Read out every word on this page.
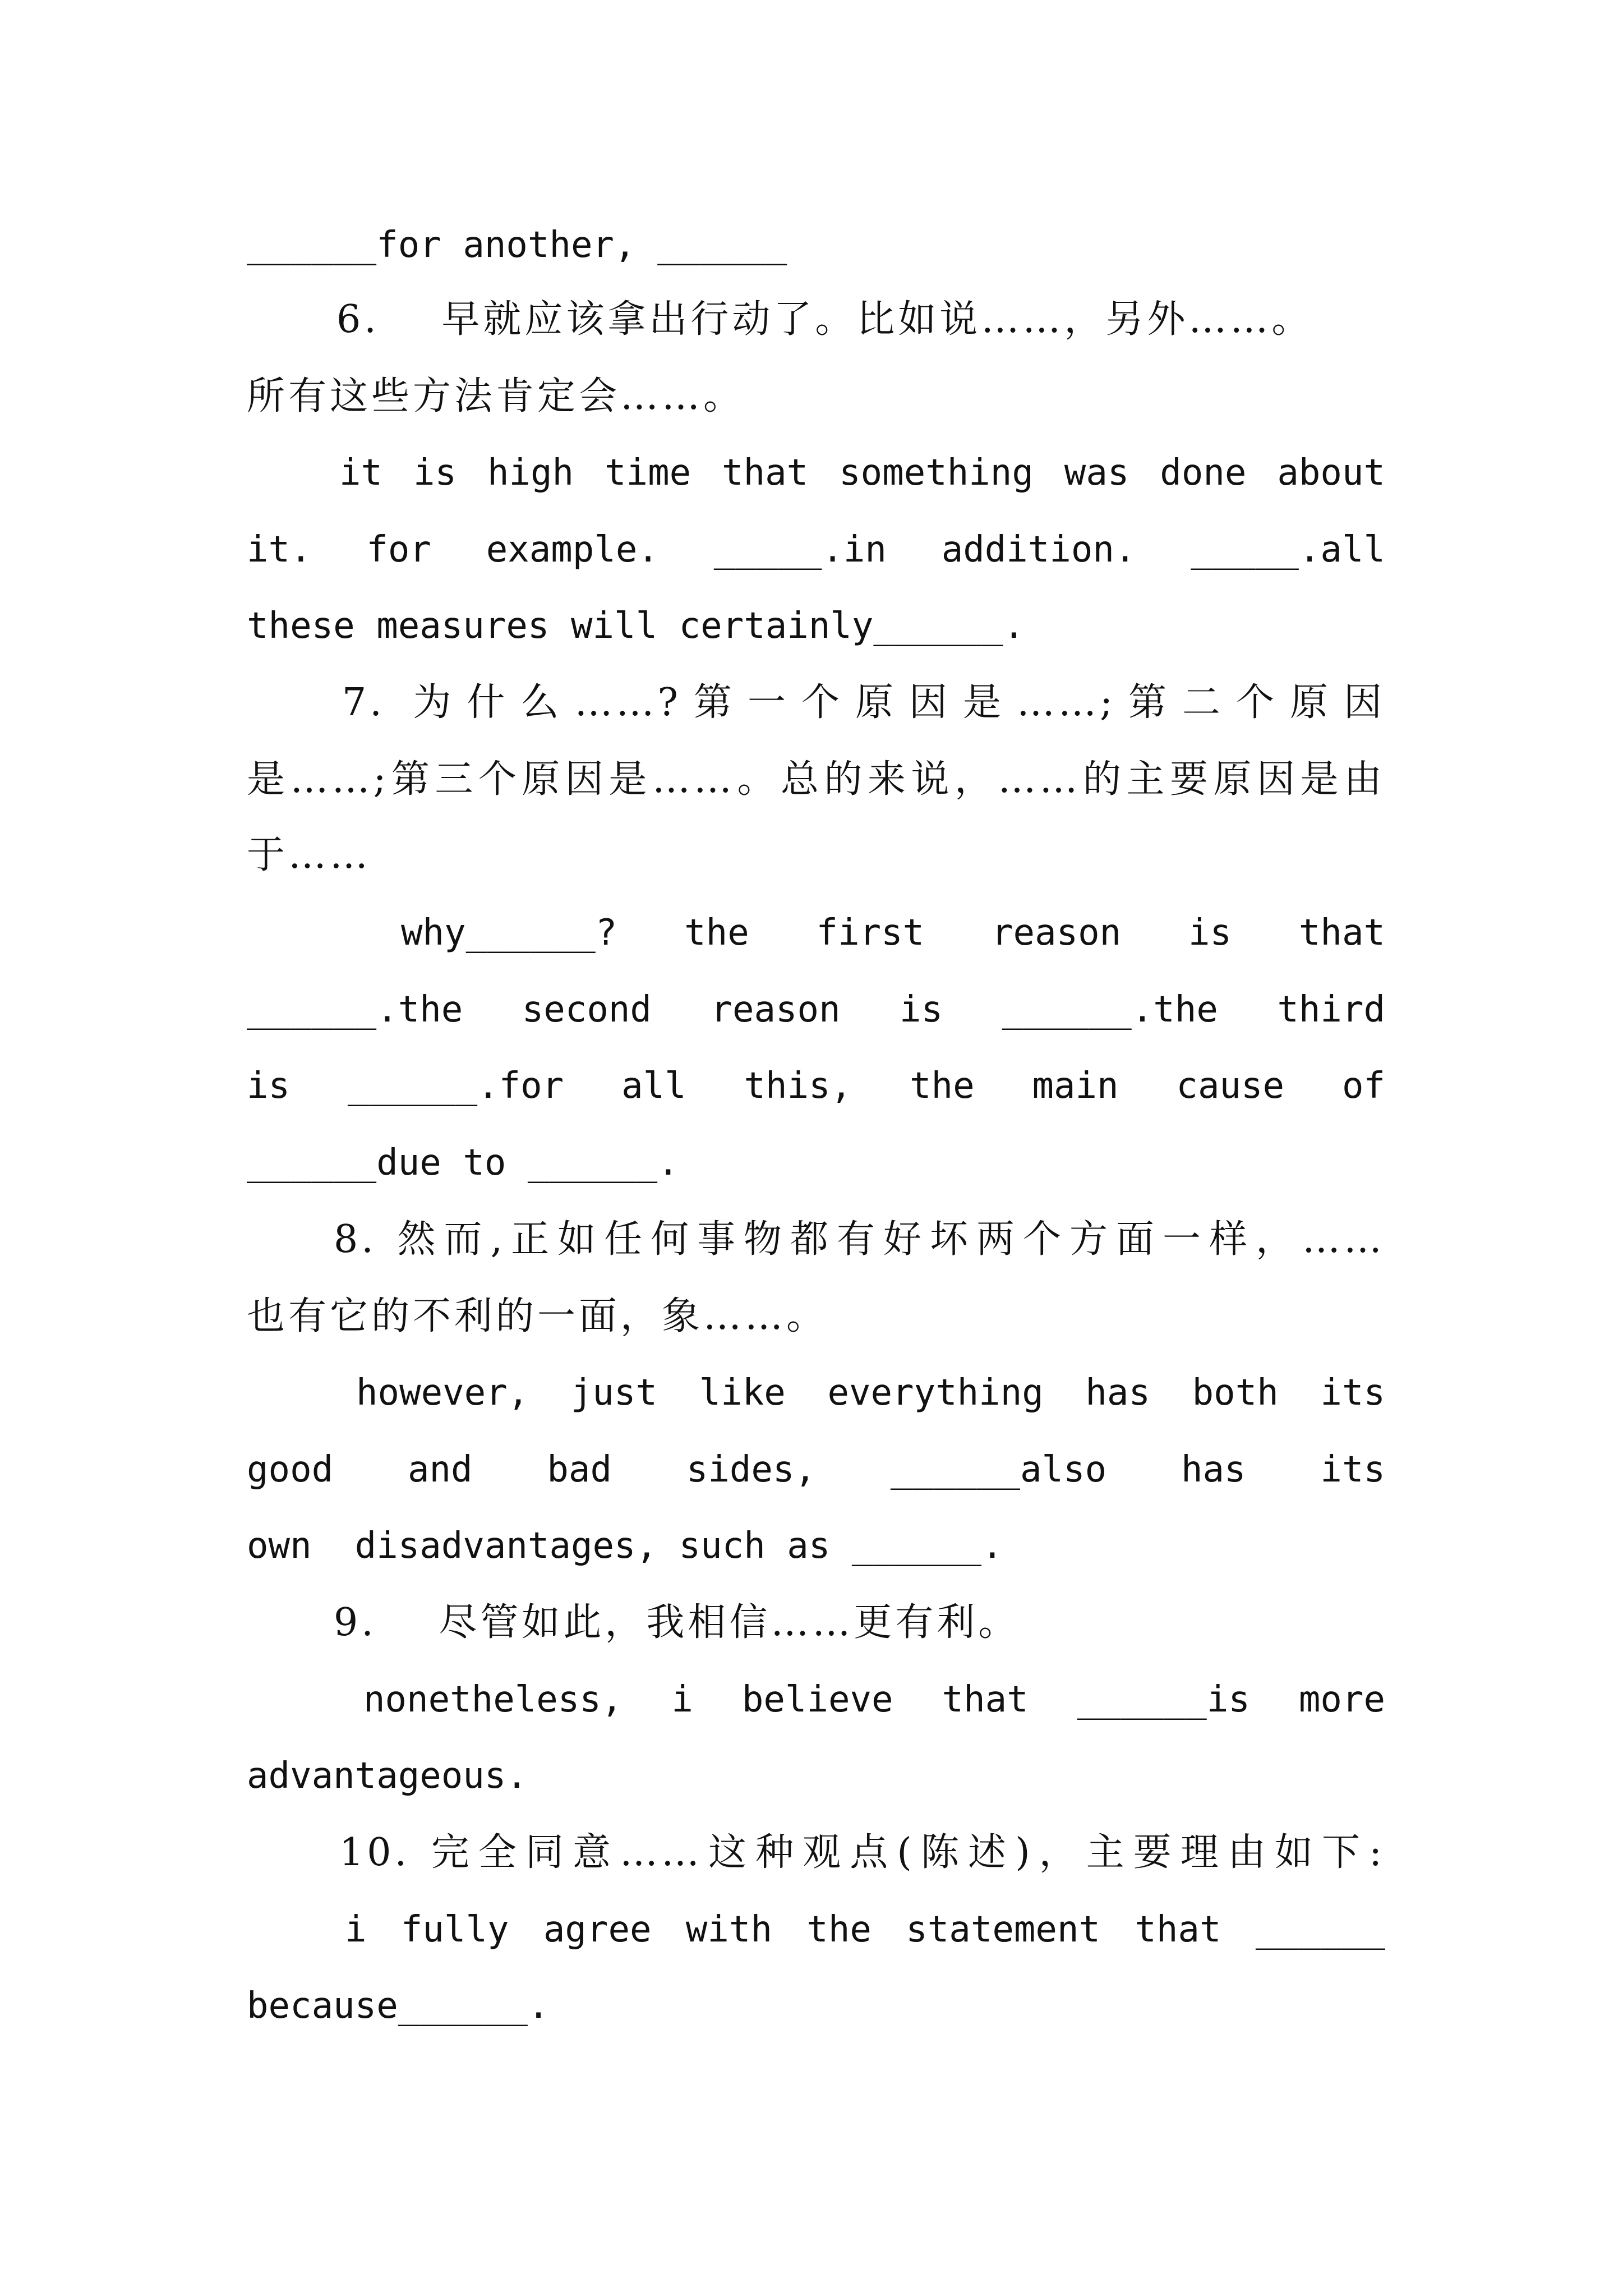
______for another, ______
6.    早就应该拿出行动了。比如说……，另外……。
所有这些方法肯定会……。
it is high time that something was done about
it. for example. _____.in addition. _____.all
these measures will certainly______.
7. 为什么……?第一个原因是……;第二个原因
是……;第三个原因是……。总的来说，……的主要原因是由
于……
why______? the first reason is that
______.the second reason is ______.the third
is ______.for all this, the main cause of
______due to ______.
8. 然而,正如任何事物都有好坏两个方面一样，……
也有它的不利的一面，象……。
however, just like everything has both its
good and bad sides, ______also has its
own  disadvantages, such as ______.
9.    尽管如此，我相信……更有利。
nonetheless, i believe that ______is more
advantageous.
10. 完全同意……这种观点(陈述)，主要理由如下:
i fully agree with the statement that ______
because______.
